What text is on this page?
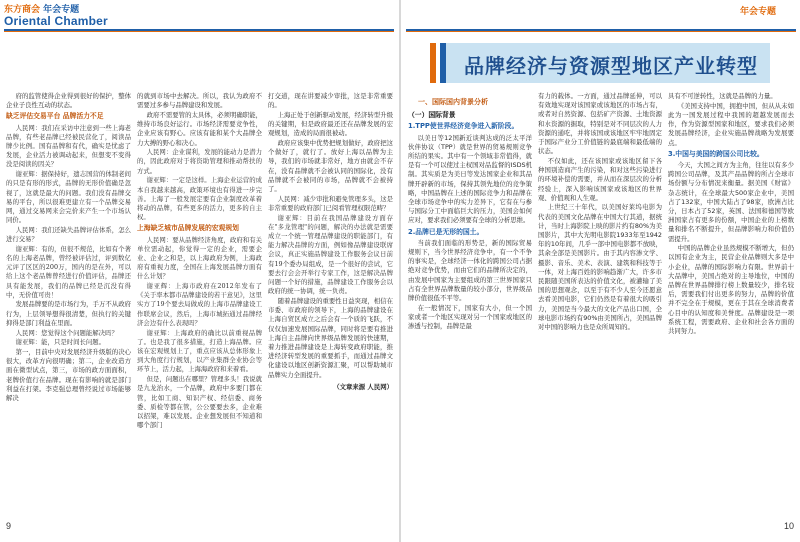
东方商会 年会专题
Oriental Chamber
年会专题
品牌经济与资源型地区产业转型

府的监管使得企业得到很好的保护，整体企业子良性互动的状态。

缺乏评估交易平台 品牌活力不足

人民网：我们在采访中注意到一些上海老品牌，有些老品牌已经被民营化了，阅读品牌少比例。国有品牌和有代，确实是忧虑了发展，企业活力被调动起来，但想变不变得没是阅读的因关？

谢亚辉：据保持好，遗志国营的体制老间的只是有形的形式，品牌的无形价值确是忽视了，这就是最大的问题。我们没有品牌交易的平台，所以很难更建立有一个品牌交易网，通过交易网来会完价来产生一个市场认同价。

人民网：我们还缺失品牌评估体系，怎么进行交易？

谢亚辉：有的，但很不规范，比如有个著名的上海老品牌，曾经被评估过，评到数亿元评了区区的200万，国内的是在外，可以给上这个老品牌曾经进行价值评估，品牌还具有能发展，我们的品牌已经是沉没有得中，无价值可贵！

发展品牌要的是市场行为，手万不从政府行为，上层领导想得很清楚，但执行的关键抑得是部门利益在里面。

人民网：您觉得这个问题能解决吗？

谢亚辉：能，只是时间长问题。

第一，目前中央对发展经济升级版的决心很大，改革方向很明确；第二，企业改造方面在微型试点，第三，市场的政方面面积，老牌价值行在品牌。现在有影响的就是部门利益在打架。李克强总理曾经说过市场能够解决

的就到市场中去解决。所以，我认为政府不需要过多参与品牌建设和发展。

政府不需要管的太具体，必须明确职能，维持市场良好运行。市场经济需要竞争性，企业应该有野心。应该有能和某个大品牌全力大搏的野心和决心。

人民网：企业谋利，发展的能动力是潜力的，因此政府对于将资助管理和推动帮扶的方式。

谢亚辉：一定是这样。上海企业运营的成本自我越来越高，政策环境也有得进一步完善。上海了一般发展定要有企业制度改革着将动的品牌，有些更多的活力，更多的自主权。

上海缺乏城市品牌发展的宏观规划

人民网：要从品牌经济角度，政府和有关单位需动起，你觉得一定的企业，需要企业、企业之和是，以上海政府为例，上海政府有重视力度，全国在上海发展品牌方面有什么计划？

谢亚辉：上海市政府在2012年发布了《关于率本都市品牌建设的若干意见》，这里实方了19个要去局做成的上海市品牌建设工作联席会议，然后，上海市城拓通过品牌经济会边有什么表现吗？

谢亚辉：上海政府的确比以前重视品牌了。也是我了很多措施，打造上海品牌。应该在宏观规划上了，重点应该从总体形象上到大角度行行规划，以产业集群全业协会等环节上，活力起，上海海政府和来着看。

但是，问题出在哪里？管理多头！我说就是九龙治水，一个品牌，政府中多要门都在管，比如工商、知识产权、经信委、商务委、质检等都在管，公公要要去多，企业难以招架，难以发展。企业想发展但不知道和哪个部门

打交道，现在讲要减少审批，这是非常重要的。

上海正处于创新驱动发展，经济转型升级的关键期，但是政府最还还在品牌发展的宏观规划，造成的局面很被动。

政府应该集中优势把规划做好，政府把这个做好了，就行了。放好上海以品牌为主导，我们的市场就非常好，地方由就会不存在，没有品牌就不会被认同的国际化，没有品牌就不会被同的市场，品牌就不会被持了。

人民网：减少审批和避免管理多头，这是非常重要的政府部门已阅看管理权限范畴？

谢亚辉：目前在我国品牌建设方面存在"多龙管理"的问题，解决的办法就是需要成立一个统一管理品牌建设的职能部门，有能力解决品牌的方面，例如像品牌建设联席会议，真正实施品牌建设工作服务会议日前有19个委办局组成，是一个很好的尝试，它要去行会会开举行专家工作，这是解决品牌问题一个好的措施，品牌建设工作服务会以政府的统一协调，统一负责。

随着品牌建设的重要性日益突现，相信在市委、市政府的领导下，上海的品牌建设在上海自贸区成立之后会有一个质的飞跃，不仅仅加速发展国际品牌，同时将是要有推进上海自主品牌向世界级品牌发展的快速期，着力推进品牌建设是上海转变政府职能，推进经济转型发展的重要抓手，而通过品牌文化建设以地区创新资源汇聚，可以帮助城市品牌实力全面提升。

（文章来源 人民网）

一、国际国内背景分析

（一）国际背景

1.TPP使世界经济竞争进入新阶段。

以美日等12国新近谈判达成的泛太平洋伙伴协议（TPP）就是世界的贸易规则竞争所结的果实。其中有一个领域非常值得，就是有一个可以使过主权国对品监督的ISDS机制。其实质是为美日等发达国家企业和其品牌开辟新的市场，保持其领先地位的竞争策略，中国品牌在上述的国际竞争力和品牌在全球市场竞争中的实力差异下，它有在与参与国际分工中面临巨大的压力，美国会如何应对，要求我们必须要有全球的分析思维。

2.品牌已是无形的国土。

当前我们面临的形势是，新的国际贸易规则下，当今世界经济竞争中，有一个不争的事实是，全球经济一体化的跨国公司占据绝对竞争优势，而由它们的品牌所决定的，由发展中国家为主要组成的第三世界国家只占有全世界品牌数量的较小部分，世界级品牌价值很低不平等。

在一般情况下，国家有大小，但一个国家或者一个地区实现对另一个国家或地区的渗透与控制，品牌是最

有力的载体。一方面，通过品牌延伸，可以有效地实现对该国家或该地区的市场占有，或者对自然资源、包括矿产资源、土地资源和水资源的掘取，特别是对不同层次的人力资源的通吃，并将该国或该地区牢牢地固定于国际产业分工价值链的最底端和最低端的状态。

不仅如此，还在该国家或该地区留下各种国别造商产生的污染，和对这些污染进行的环境补偿的需要，并从而在深层次的分析经验上，深入影响该国家或该地区的世界观、价值观和人生观。

上世纪三十年代，以美国好莱坞电影为代表的美国文化品牌在中国大行其道，据统计，当时上海影院上映的影片约有80%为美国影片，其中大光明电影院1933年至1942年的10年间，几乎一部中国电影都不放映，其余全部是美国影片。由于其内容渗文学、摄影、音乐、美术、表演、建筑和科技等于一体，对上海百姓的影响趋渐广大，许多市民跟随美国所表达的价值文化，被灌输了美国的思想观念，以至于有不少人至今还愿意去看美国电影，它们仍然是有着很大的吸引力，美国是当今最大的文化产品出口国，全球电影市场约有90%由美国所占，美国品牌对中国的影响力也是众所周知的。

具有不可逆转性，这就是品牌的力量。

《美国支持中国，拥抱中国，但从从未如此为一国发展过程中我国的超越发展而去作，作为资源型国家和地区，要求我们必须发展品牌经济，企业实施品牌战略为发展要点。

3.中国与美国的跨国公司比较。

今天，大国之间方为主角，往往以有多少跨国公司品牌，及其产品品牌的所占全球市场份额与分布情况来衡量。据美国《财富》杂志统计，在全球最大500家企业中，美国占了132家，中国大陆占了98家，欧洲占比分，日本占了52家，英国、法国和德国等欧洲国家占有更多的份额，中国企业的上榜数量和排名不断提升，但品牌影响力和价值仍需提升。

中国的品牌企业虽然规模不断增大，但仍以国有企业为主，民营企业品牌则大多是中小企业，品牌的国际影响力有限。世界前十大品牌中，美国占绝对的主导地位，中国的品牌在世界品牌排行榜上数量较少，排名较后，需要我们付出更多的努力，品牌的价值并不完全在于规模，更在于其在全球消费者心目中的认知度和美誉度。品牌建设是一项系统工程，需要政府、企业和社会各方面的共同努力。

9	10
